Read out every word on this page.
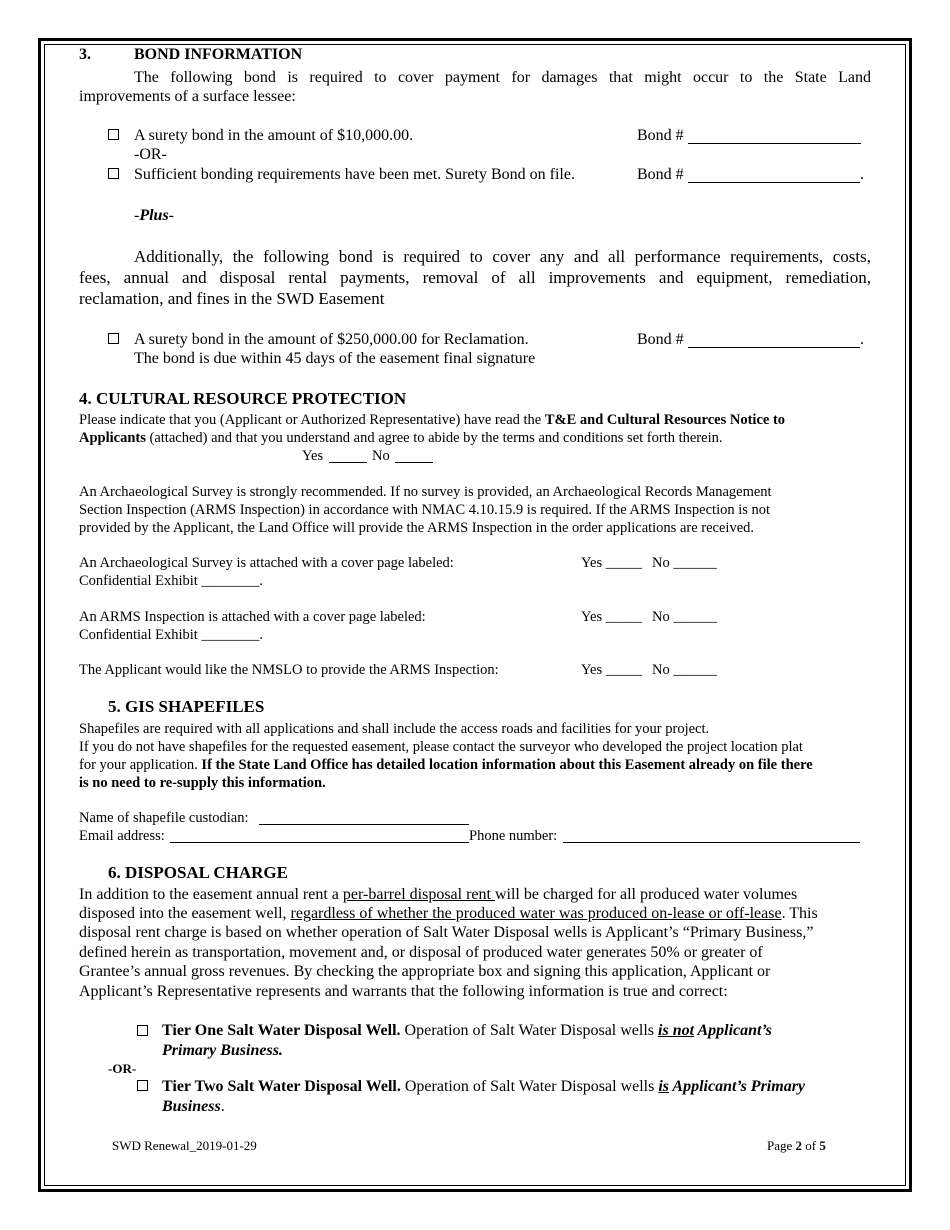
3.	BOND INFORMATION
The following bond is required to cover payment for damages that might occur to the State Land
improvements of a surface lessee:
A surety bond in the amount of $10,000.00.	Bond #
-OR-
Sufficient bonding requirements have been met. Surety Bond on file.	Bond #	.
-Plus-
Additionally, the following bond is required to cover any and all performance requirements, costs,
fees, annual and disposal rental payments, removal of all improvements and equipment, remediation,
reclamation, and fines in the SWD Easement
A surety bond in the amount of $250,000.00 for Reclamation.	Bond #	.
The bond is due within 45 days of the easement final signature
4. CULTURAL RESOURCE PROTECTION
Please indicate that you (Applicant or Authorized Representative) have read the T&E and Cultural Resources Notice to
Applicants (attached) and that you understand and agree to abide by the terms and conditions set forth therein.
Yes	No
An Archaeological Survey is strongly recommended. If no survey is provided, an Archaeological Records Management
Section Inspection (ARMS Inspection) in accordance with NMAC 4.10.15.9 is required. If the ARMS Inspection is not
provided by the Applicant, the Land Office will provide the ARMS Inspection in the order applications are received.
An Archaeological Survey is attached with a cover page labeled:	Yes _____ No ______
Confidential Exhibit ________.
An ARMS Inspection is attached with a cover page labeled:	Yes _____ No ______
Confidential Exhibit ________.
The Applicant would like the NMSLO to provide the ARMS Inspection:	Yes _____ No ______
5. GIS SHAPEFILES
Shapefiles are required with all applications and shall include the access roads and facilities for your project.
If you do not have shapefiles for the requested easement, please contact the surveyor who developed the project location plat
for your application. If the State Land Office has detailed location information about this Easement already on file there
is no need to re-supply this information.
Name of shapefile custodian:
Email address:	Phone number:
6. DISPOSAL CHARGE
In addition to the easement annual rent a per-barrel disposal rent will be charged for all produced water volumes
disposed into the easement well, regardless of whether the produced water was produced on-lease or off-lease. This
disposal rent charge is based on whether operation of Salt Water Disposal wells is Applicant’s “Primary Business,”
defined herein as transportation, movement and, or disposal of produced water generates 50% or greater of
Grantee’s annual gross revenues. By checking the appropriate box and signing this application, Applicant or
Applicant’s Representative represents and warrants that the following information is true and correct:
Tier One Salt Water Disposal Well. Operation of Salt Water Disposal wells is not Applicant’s
Primary Business.
-OR-
Tier Two Salt Water Disposal Well. Operation of Salt Water Disposal wells is Applicant’s Primary
Business.
SWD Renewal_2019-01-29	Page 2 of 5
